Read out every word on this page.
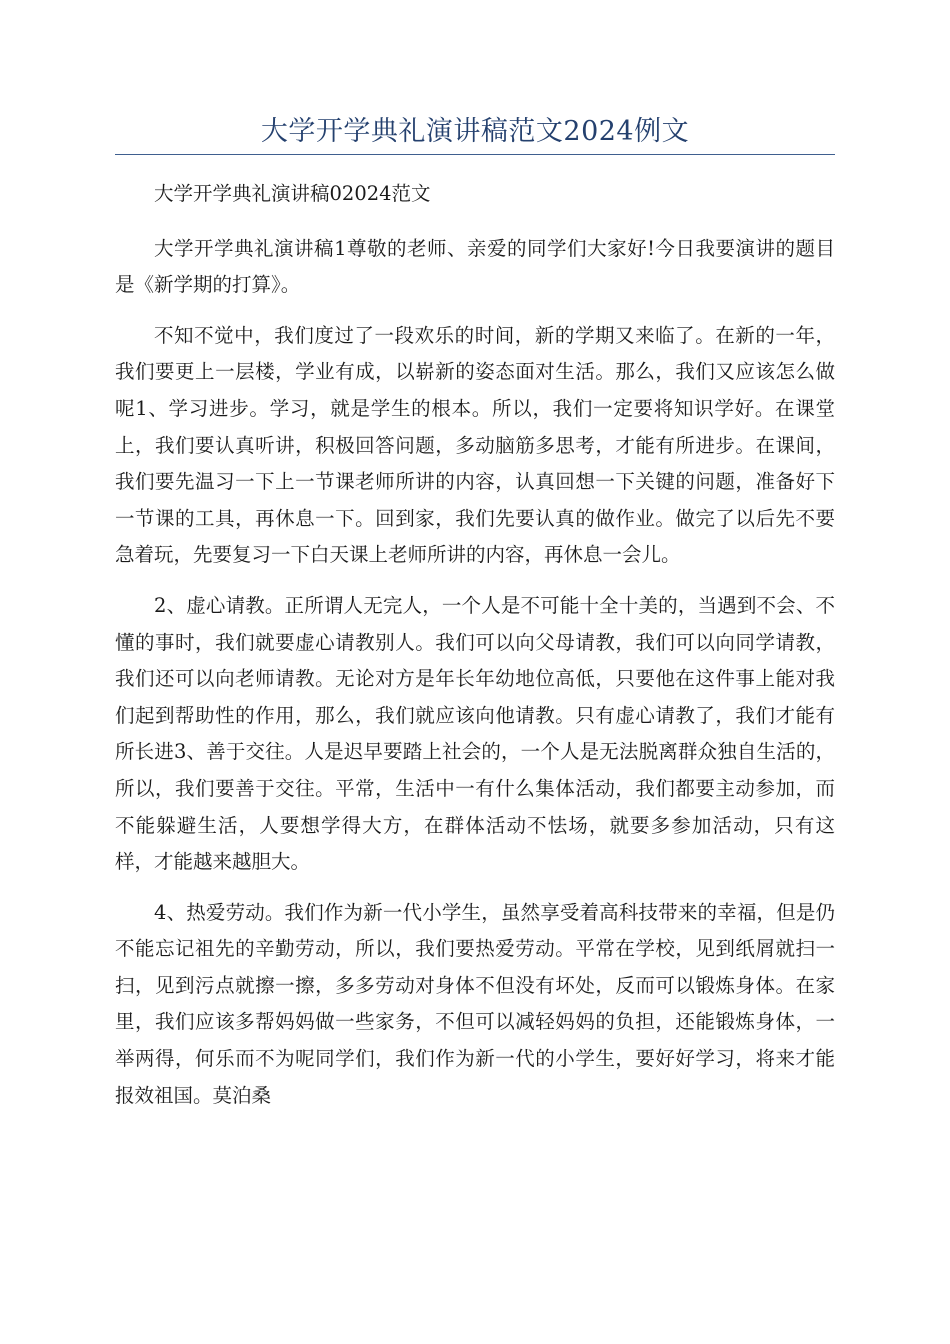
大学开学典礼演讲稿范文2024例文

大学开学典礼演讲稿02024范文

大学开学典礼演讲稿1尊敬的老师、亲爱的同学们大家好!今日我要演讲的题目是《新学期的打算》。

不知不觉中，我们度过了一段欢乐的时间，新的学期又来临了。在新的一年，我们要更上一层楼，学业有成，以崭新的姿态面对生活。那么，我们又应该怎么做呢1、学习进步。学习，就是学生的根本。所以，我们一定要将知识学好。在课堂上，我们要认真听讲，积极回答问题，多动脑筋多思考，才能有所进步。在课间，我们要先温习一下上一节课老师所讲的内容，认真回想一下关键的问题，准备好下一节课的工具，再休息一下。回到家，我们先要认真的做作业。做完了以后先不要急着玩，先要复习一下白天课上老师所讲的内容，再休息一会儿。

2、虚心请教。正所谓人无完人，一个人是不可能十全十美的，当遇到不会、不懂的事时，我们就要虚心请教别人。我们可以向父母请教，我们可以向同学请教，我们还可以向老师请教。无论对方是年长年幼地位高低，只要他在这件事上能对我们起到帮助性的作用，那么，我们就应该向他请教。只有虚心请教了，我们才能有所长进3、善于交往。人是迟早要踏上社会的，一个人是无法脱离群众独自生活的，所以，我们要善于交往。平常，生活中一有什么集体活动，我们都要主动参加，而不能躲避生活，人要想学得大方，在群体活动不怯场，就要多参加活动，只有这样，才能越来越胆大。

4、热爱劳动。我们作为新一代小学生，虽然享受着高科技带来的幸福，但是仍不能忘记祖先的辛勤劳动，所以，我们要热爱劳动。平常在学校，见到纸屑就扫一扫，见到污点就擦一擦，多多劳动对身体不但没有坏处，反而可以锻炼身体。在家里，我们应该多帮妈妈做一些家务，不但可以减轻妈妈的负担，还能锻炼身体，一举两得，何乐而不为呢同学们，我们作为新一代的小学生，要好好学习，将来才能报效祖国。莫泊桑
